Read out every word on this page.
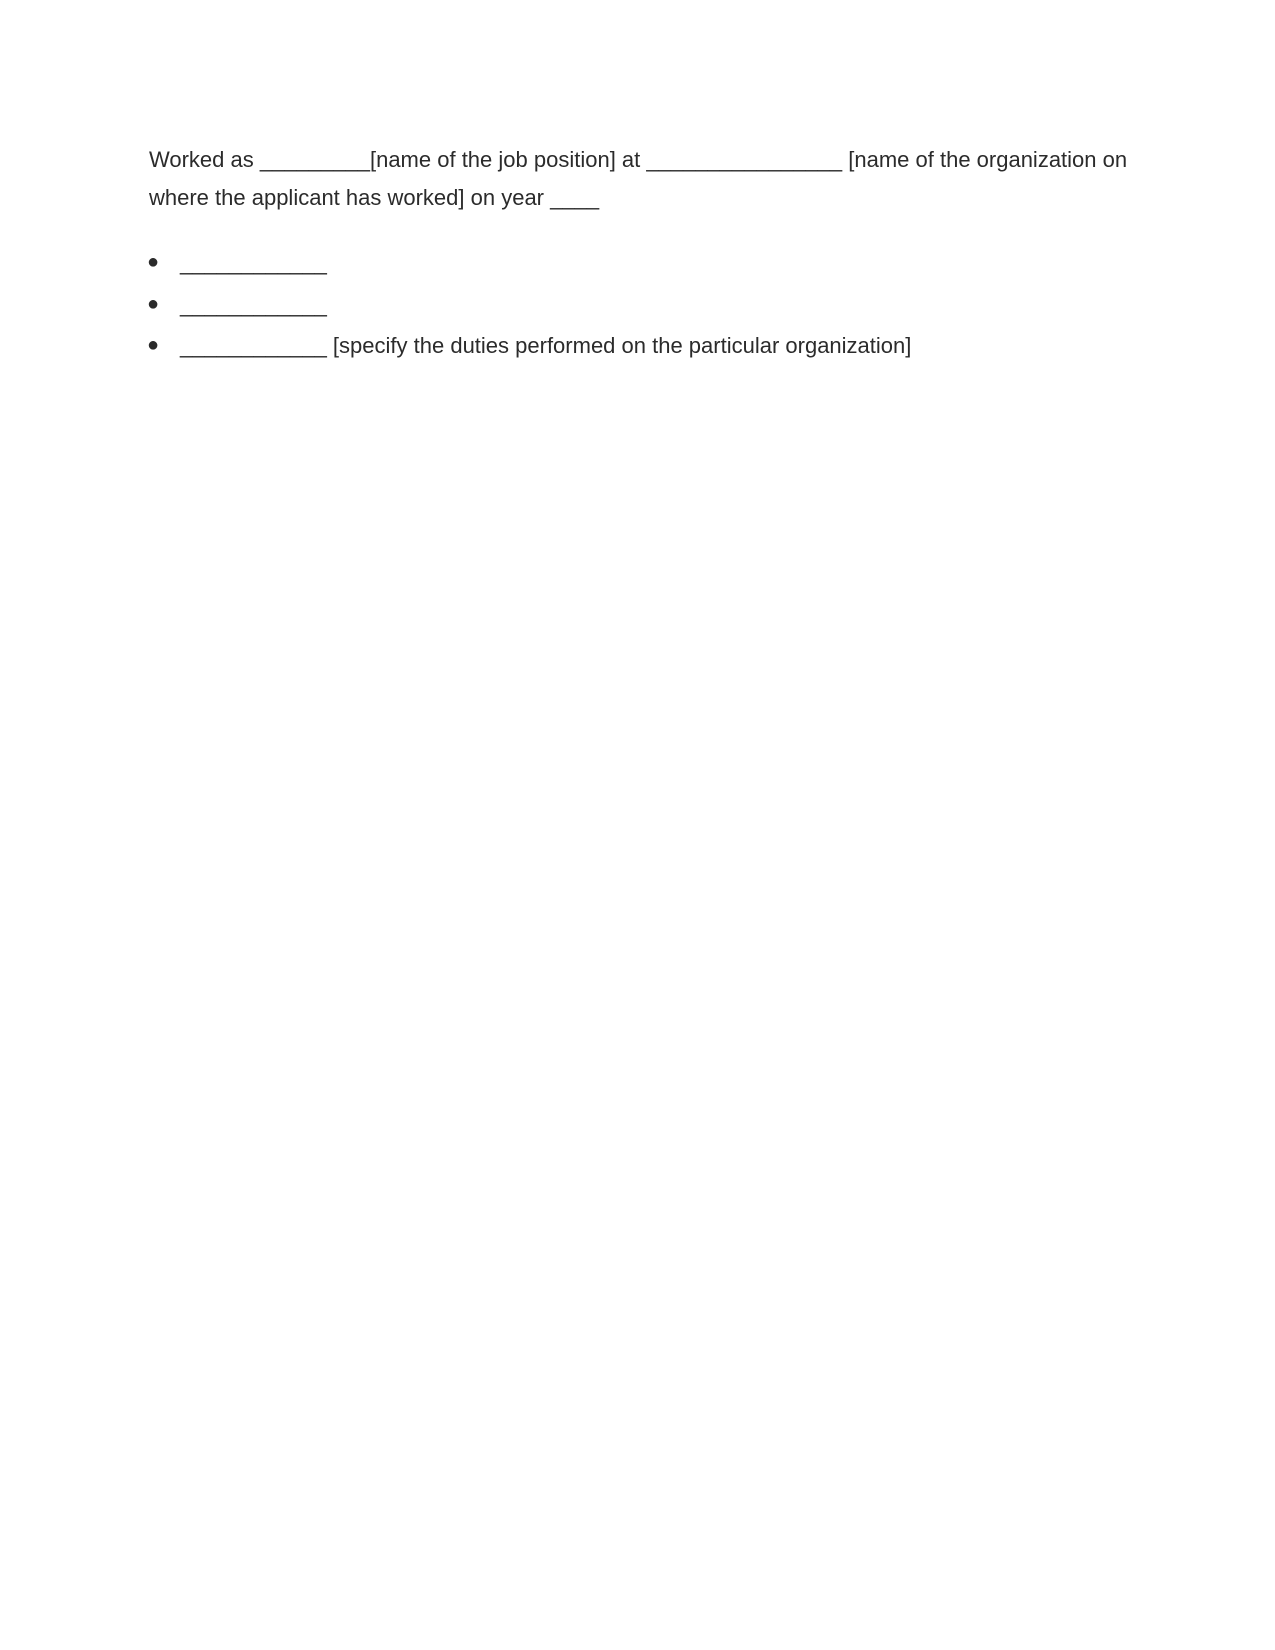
Worked as _________[name of the job position] at ________________ [name of the organization on where the applicant has worked] on year ____

● ____________
● ____________
● ____________ [specify the duties performed on the particular organization]
